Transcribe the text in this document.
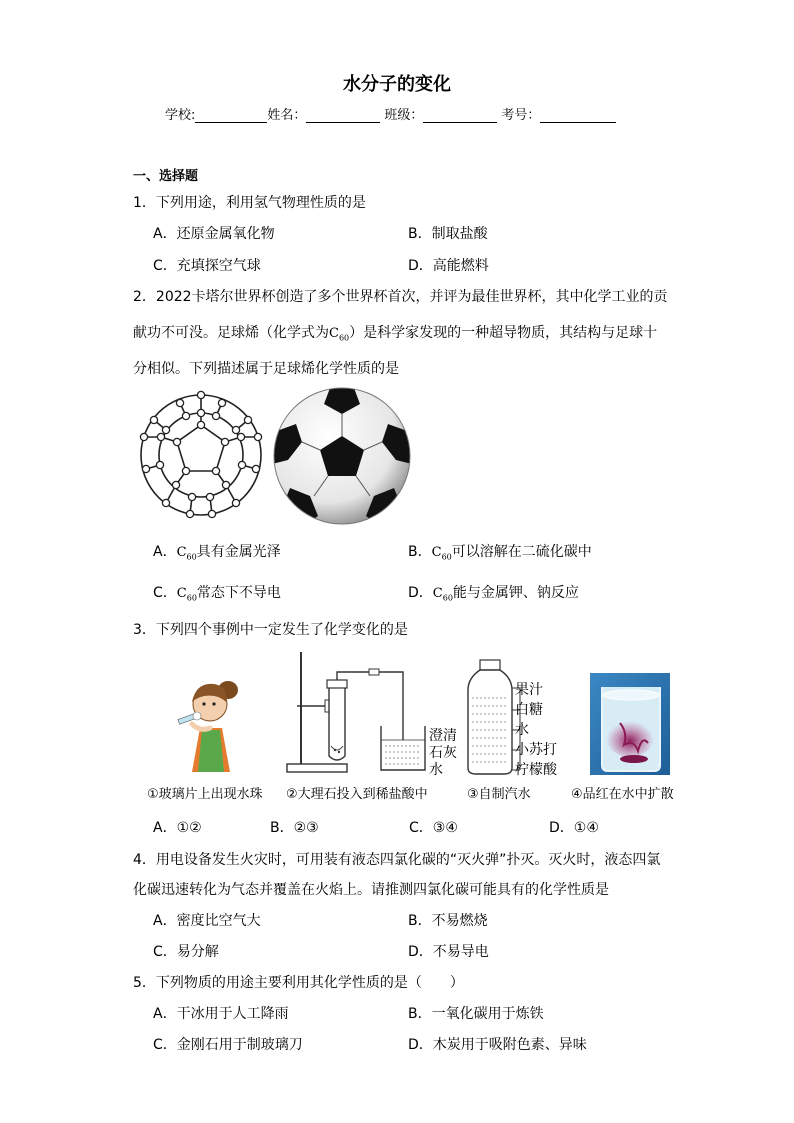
水分子的变化
学校:	姓名：	班级：	考号：
一、选择题
1．下列用途，利用氢气物理性质的是
A．还原金属氧化物	B．制取盐酸
C．充填探空气球	D．高能燃料
2．2022卡塔尔世界杯创造了多个世界杯首次，并评为最佳世界杯，其中化学工业的贡
献功不可没。足球烯（化学式为$C_{60}$）是科学家发现的一种超导物质，其结构与足球十
分相似。下列描述属于足球烯化学性质的是
A．$C_{60}$具有金属光泽	B．$C_{60}$可以溶解在二硫化碳中
C．$C_{60}$常态下不导电	D．$C_{60}$能与金属钾、钠反应
3．下列四个事例中一定发生了化学变化的是
澄清
石灰
水
果汁
白糖
水
小苏打
柠檬酸
①玻璃片上出现水珠 ②大理石投入到稀盐酸中	③自制汽水	④品红在水中扩散
A．①②	B．②③	C．③④	D．①④
4．用电设备发生火灾时，可用装有液态四氯化碳的“灭火弹”扑灭。灭火时，液态四氯
化碳迅速转化为气态并覆盖在火焰上。请推测四氯化碳可能具有的化学性质是
A．密度比空气大	B．不易燃烧
C．易分解	D．不易导电
5．下列物质的用途主要利用其化学性质的是（　　）
A．干冰用于人工降雨	B．一氧化碳用于炼铁
C．金刚石用于制玻璃刀	D．木炭用于吸附色素、异味
